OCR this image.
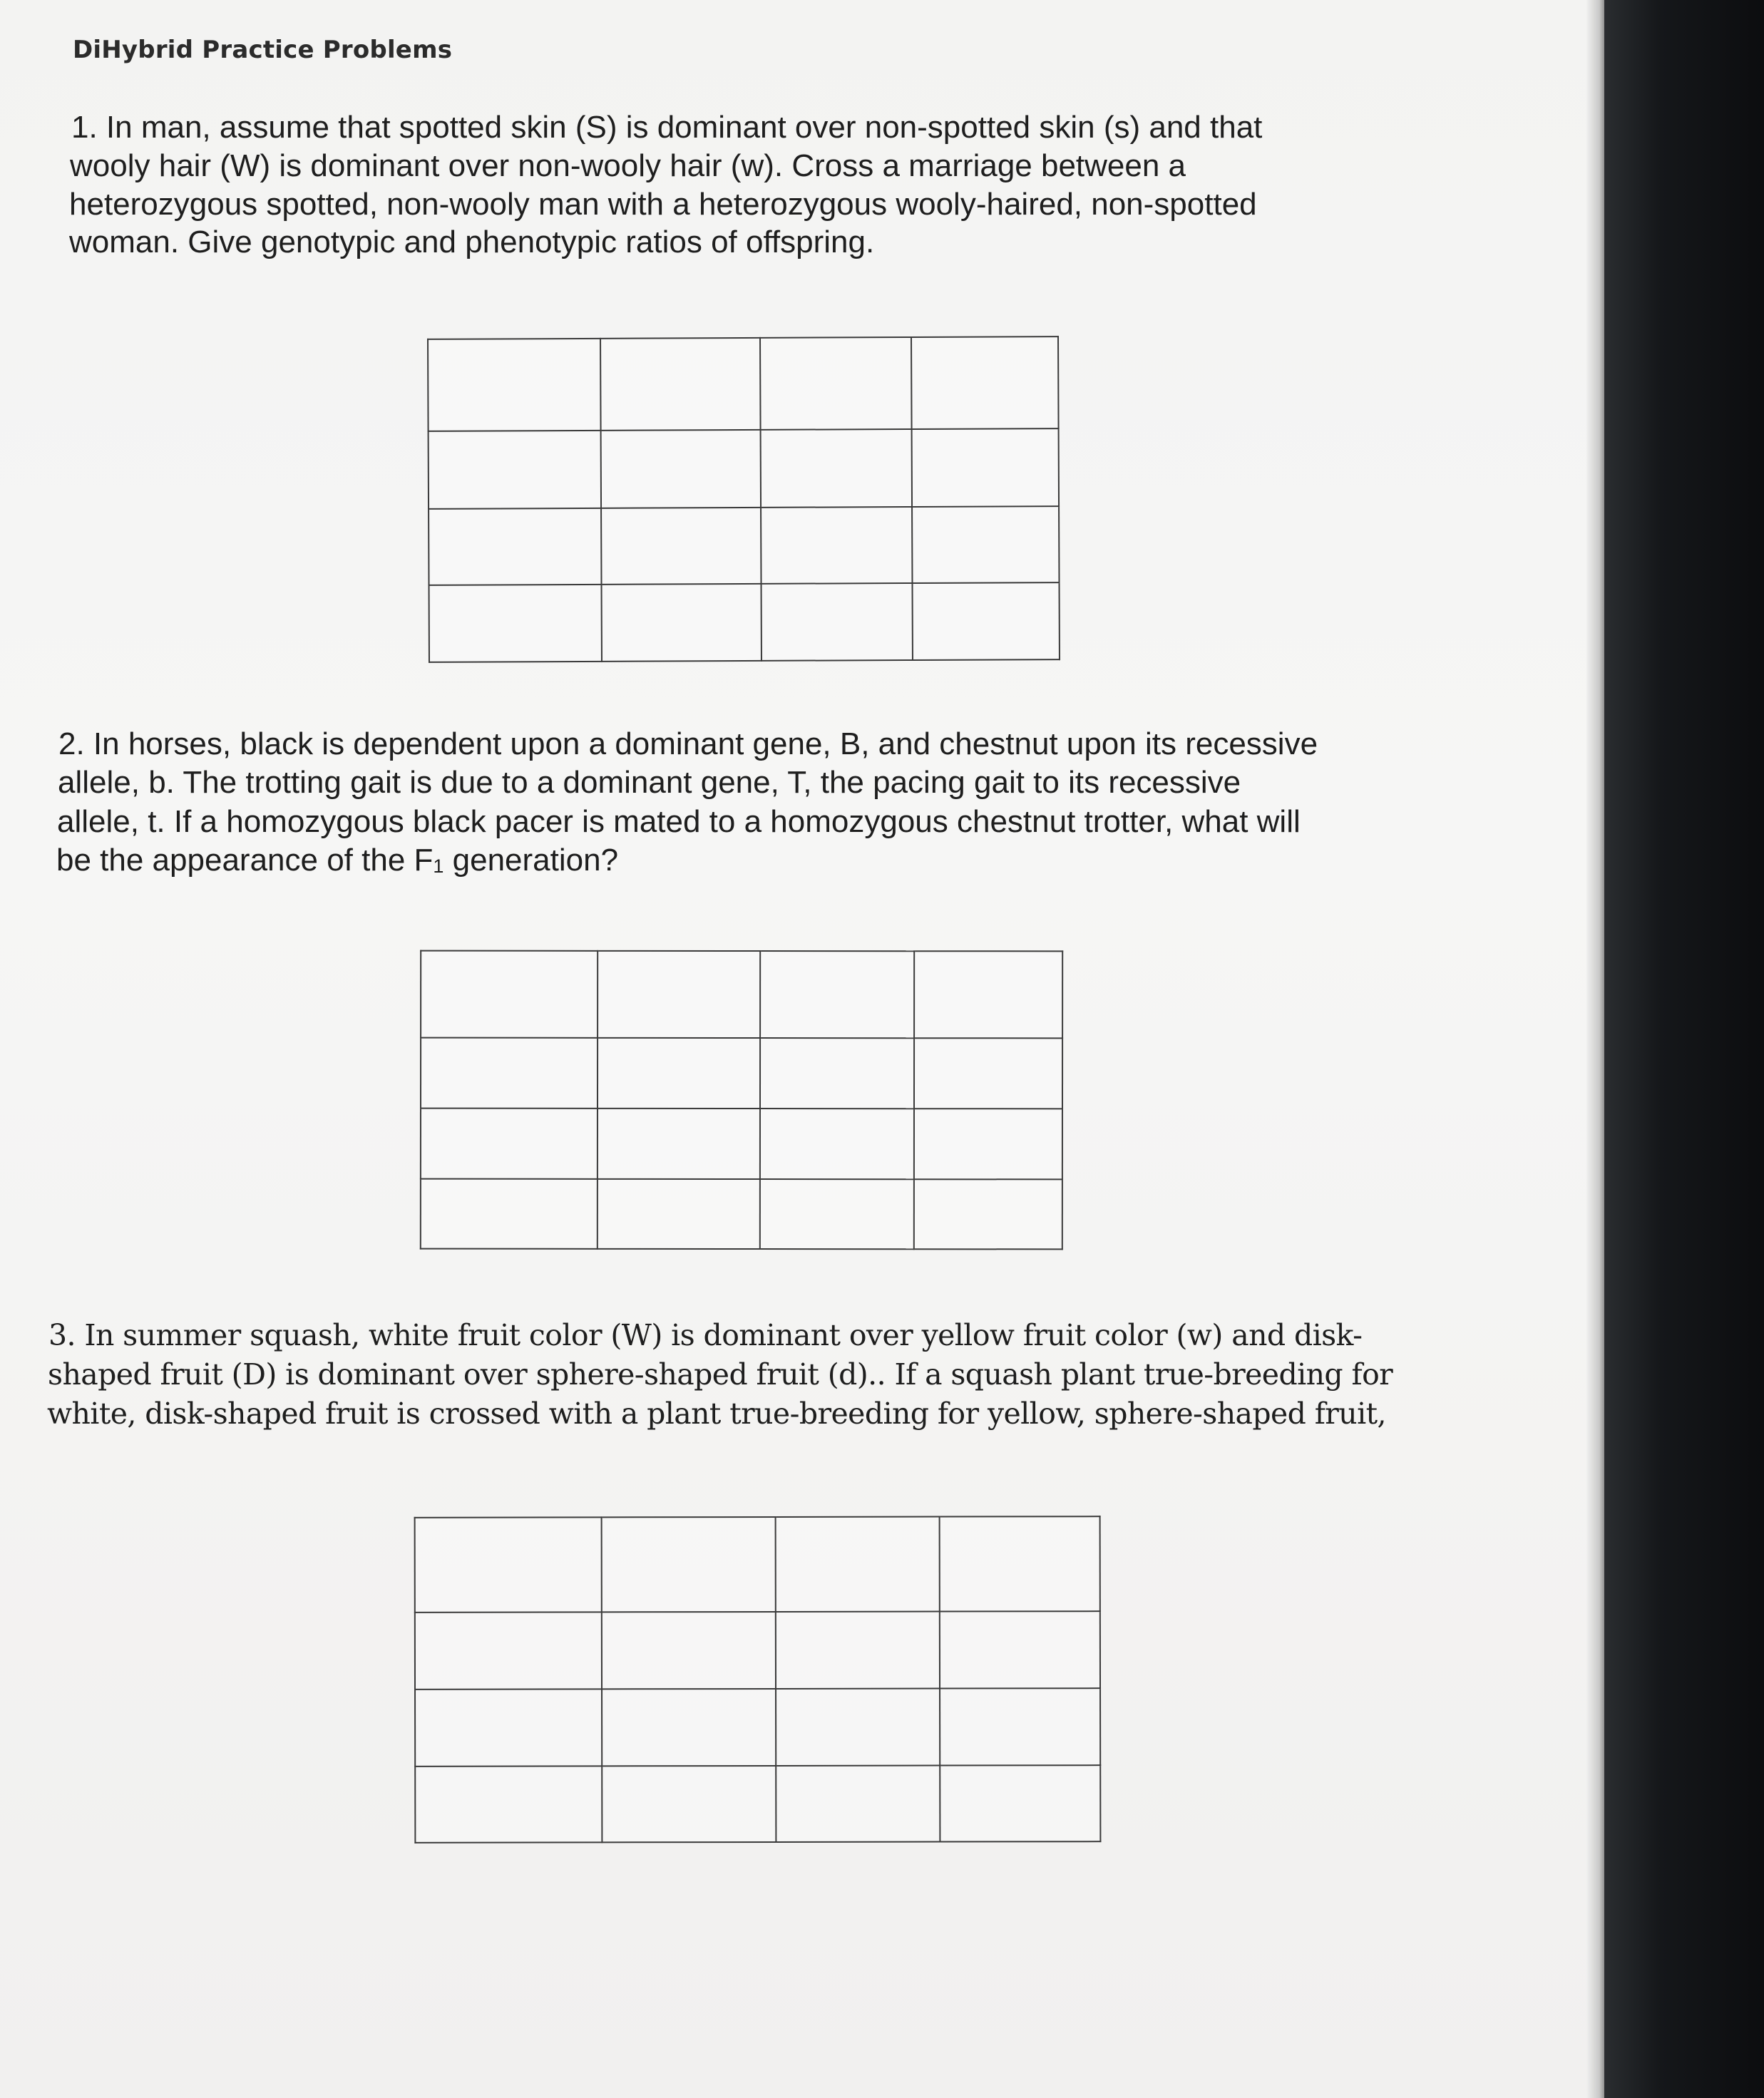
DiHybrid Practice Problems
1. In man, assume that spotted skin (S) is dominant over non-spotted skin (s) and that
wooly hair (W) is dominant over non-wooly hair (w). Cross a marriage between a
heterozygous spotted, non-wooly man with a heterozygous wooly-haired, non-spotted
woman. Give genotypic and phenotypic ratios of offspring.

2. In horses, black is dependent upon a dominant gene, B, and chestnut upon its recessive
allele, b. The trotting gait is due to a dominant gene, T, the pacing gait to its recessive
allele, t. If a homozygous black pacer is mated to a homozygous chestnut trotter, what will
be the appearance of the F1 generation?

3. In summer squash, white fruit color (W) is dominant over yellow fruit color (w) and disk-
shaped fruit (D) is dominant over sphere-shaped fruit (d).. If a squash plant true-breeding for
white, disk-shaped fruit is crossed with a plant true-breeding for yellow, sphere-shaped fruit,
